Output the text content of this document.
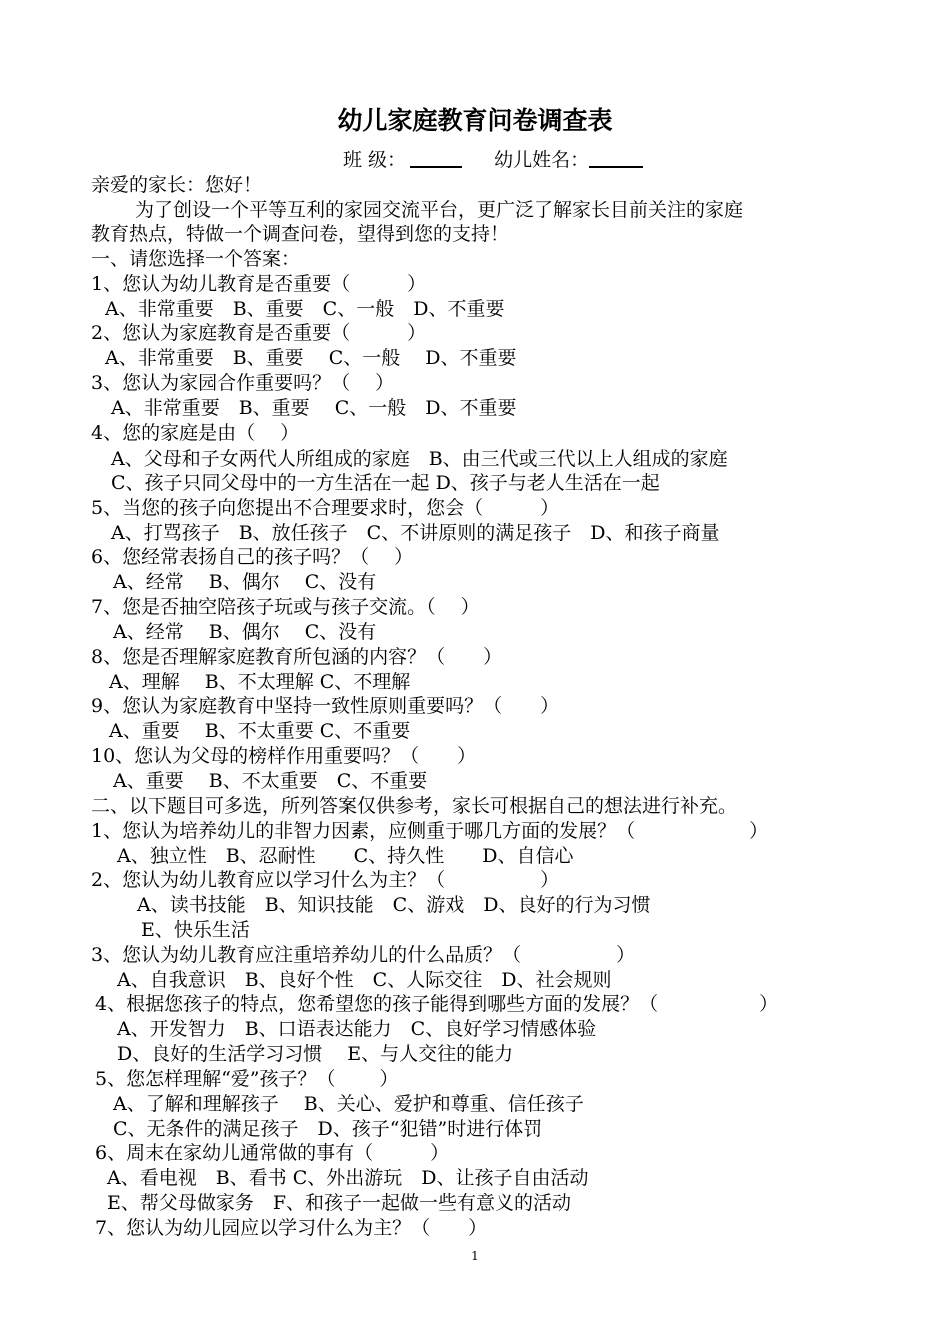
幼儿家庭教育问卷调查表
班 级：	幼儿姓名：
亲爱的家长：您好！
为了创设一个平等互利的家园交流平台，更广泛了解家长目前关注的家庭
教育热点，特做一个调查问卷，望得到您的支持！
一、请您选择一个答案：
1、您认为幼儿教育是否重要（　　　）
A、非常重要　B、重要　C、一般　D、不重要
2、您认为家庭教育是否重要（　　　）
A、非常重要　B、重要　 C、一般　 D、不重要
3、您认为家园合作重要吗？（　 ）
A、非常重要　B、重要　 C、一般　D、不重要
4、您的家庭是由（　 ）
A、父母和子女两代人所组成的家庭　B、由三代或三代以上人组成的家庭
C、孩子只同父母中的一方生活在一起 D、孩子与老人生活在一起
5、当您的孩子向您提出不合理要求时，您会（　　　）
A、打骂孩子　B、放任孩子　C、不讲原则的满足孩子　D、和孩子商量
6、您经常表扬自己的孩子吗？（　 ）
A、经常　 B、偶尔　 C、没有
7、您是否抽空陪孩子玩或与孩子交流。（　 ）
A、经常　 B、偶尔　 C、没有
8、您是否理解家庭教育所包涵的内容？（　　）
A、理解　 B、不太理解 C、不理解
9、您认为家庭教育中坚持一致性原则重要吗？（　　）
A、重要　 B、不太重要 C、不重要
10、您认为父母的榜样作用重要吗？（　　）
A、重要　 B、不太重要　C、不重要
二、以下题目可多选，所列答案仅供参考，家长可根据自己的想法进行补充。
1、您认为培养幼儿的非智力因素，应侧重于哪几方面的发展？（　　　　　　）
A、独立性　B、忍耐性　　C、持久性　　D、自信心
2、您认为幼儿教育应以学习什么为主？（　　　　　）
A、读书技能　B、知识技能　C、游戏　D、良好的行为习惯
E、快乐生活
3、您认为幼儿教育应注重培养幼儿的什么品质？（　　　　　）
A、自我意识　B、良好个性　C、人际交往　D、社会规则
4、根据您孩子的特点，您希望您的孩子能得到哪些方面的发展？（　　　　　 ）
A、开发智力　B、口语表达能力　C、良好学习情感体验
D、良好的生活学习习惯　 E、与人交往的能力
5、您怎样理解“爱”孩子？（　　 ）
A、了解和理解孩子　 B、关心、爱护和尊重、信任孩子
C、无条件的满足孩子　D、孩子“犯错”时进行体罚
6、周末在家幼儿通常做的事有（　　　）
A、看电视　B、看书 C、外出游玩　D、让孩子自由活动
E、帮父母做家务　F、和孩子一起做一些有意义的活动
7、您认为幼儿园应以学习什么为主？（　　）
1
